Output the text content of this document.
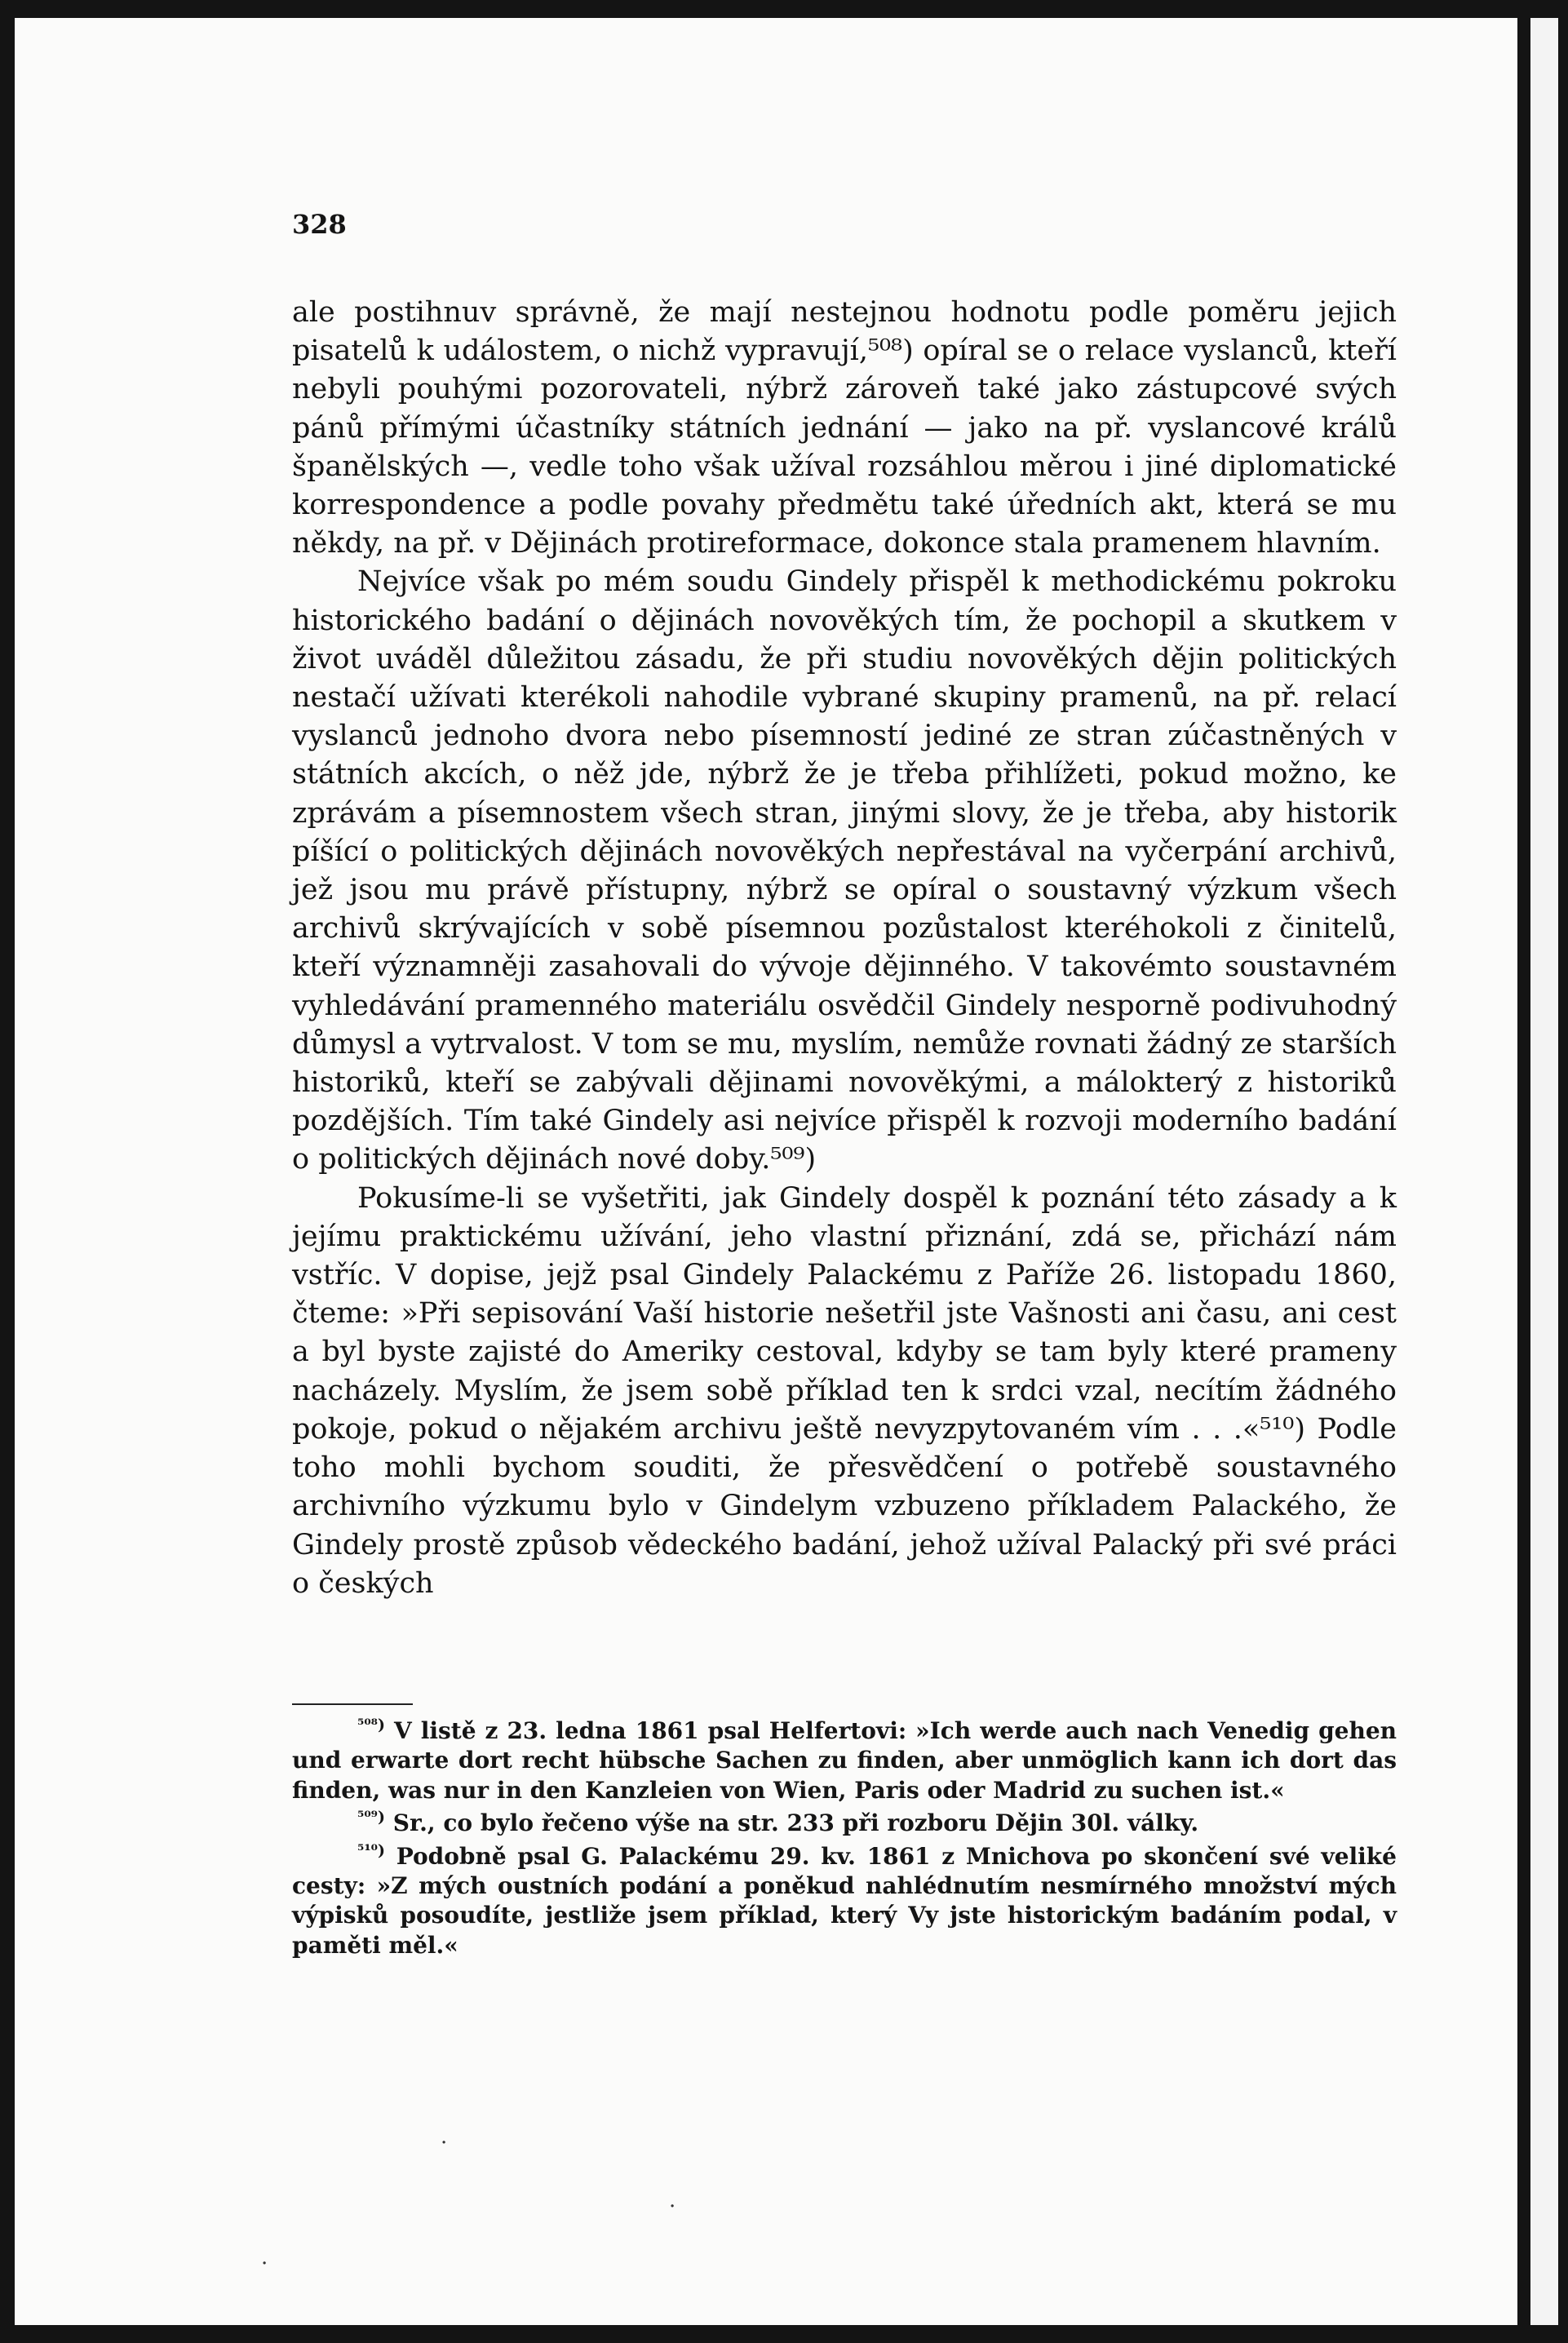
328

ale postihnuv správně, že mají nestejnou hodnotu podle poměru jejich pisatelů k událostem, o nichž vypravují,⁵⁰⁸) opíral se o relace vyslanců, kteří nebyli pouhými pozorovateli, nýbrž zároveň také jako zástupcové svých pánů přímými účastníky státních jednání — jako na př. vyslancové králů španělských —, vedle toho však užíval rozsáhlou měrou i jiné diplomatické korrespondence a podle povahy předmětu také úředních akt, která se mu někdy, na př. v Dějinách protireformace, dokonce stala pramenem hlavním.

Nejvíce však po mém soudu Gindely přispěl k methodickému pokroku historického badání o dějinách novověkých tím, že pochopil a skutkem v život uváděl důležitou zásadu, že při studiu novověkých dějin politických nestačí užívati kterékoli nahodile vybrané skupiny pramenů, na př. relací vyslanců jednoho dvora nebo písemností jediné ze stran zúčastněných v státních akcích, o něž jde, nýbrž že je třeba přihlížeti, pokud možno, ke zprávám a písemnostem všech stran, jinými slovy, že je třeba, aby historik píšící o politických dějinách novověkých nepřestával na vyčerpání archivů, jež jsou mu právě přístupny, nýbrž se opíral o soustavný výzkum všech archivů skrývajících v sobě písemnou pozůstalost kteréhokoli z činitelů, kteří významněji zasahovali do vývoje dějinného. V takovémto soustavném vyhledávání pramenného materiálu osvědčil Gindely nesporně podivuhodný důmysl a vytrvalost. V tom se mu, myslím, nemůže rovnati žádný ze starších historiků, kteří se zabývali dějinami novověkými, a málokterý z historiků pozdějších. Tím také Gindely asi nejvíce přispěl k rozvoji moderního badání o politických dějinách nové doby.⁵⁰⁹)

Pokusíme-li se vyšetřiti, jak Gindely dospěl k poznání této zásady a k jejímu praktickému užívání, jeho vlastní přiznání, zdá se, přichází nám vstříc. V dopise, jejž psal Gindely Palackému z Paříže 26. listopadu 1860, čteme: »Při sepisování Vaší historie nešetřil jste Vašnosti ani času, ani cest a byl byste zajisté do Ameriky cestoval, kdyby se tam byly které prameny nacházely. Myslím, že jsem sobě příklad ten k srdci vzal, necítím žádného pokoje, pokud o nějakém archivu ještě nevyzpytovaném vím . . .«⁵¹⁰) Podle toho mohli bychom souditi, že přesvědčení o potřebě soustavného archivního výzkumu bylo v Gindelym vzbuzeno příkladem Palackého, že Gindely prostě způsob vědeckého badání, jehož užíval Palacký při své práci o českých

$^{^{508})}$ V listě z 23. ledna 1861 psal Helfertovi: »Ich werde auch nach Venedig gehen und erwarte dort recht hübsche Sachen zu finden, aber unmöglich kann ich dort das finden, was nur in den Kanzleien von Wien, Paris oder Madrid zu suchen ist.«

$^{^{509})}$ Sr., co bylo řečeno výše na str. 233 při rozboru Dějin 30l. války.

$^{^{510})}$ Podobně psal G. Palackému 29. kv. 1861 z Mnichova po skončení své veliké cesty: »Z mých oustních podání a poněkud nahlédnutím nesmírného množství mých výpisků posoudíte, jestliže jsem příklad, který Vy jste historickým badáním podal, v paměti měl.«

·
·
·
